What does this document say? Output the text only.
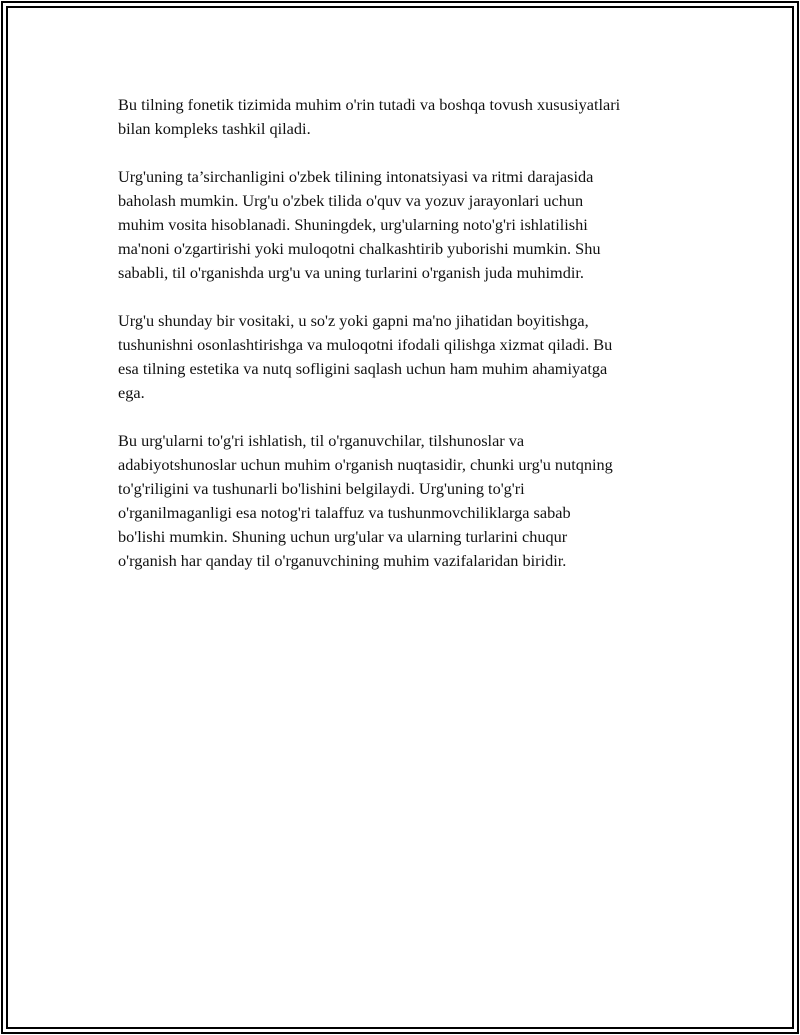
Bu tilning fonetik tizimida muhim o'rin tutadi va boshqa tovush xususiyatlari
bilan kompleks tashkil qiladi.

Urg'uning ta’sirchanligini o'zbek tilining intonatsiyasi va ritmi darajasida
baholash mumkin. Urg'u o'zbek tilida o'quv va yozuv jarayonlari uchun
muhim vosita hisoblanadi. Shuningdek, urg'ularning noto'g'ri ishlatilishi
ma'noni o'zgartirishi yoki muloqotni chalkashtirib yuborishi mumkin. Shu
sababli, til o'rganishda urg'u va uning turlarini o'rganish juda muhimdir.

Urg'u shunday bir vositaki, u so'z yoki gapni ma'no jihatidan boyitishga,
tushunishni osonlashtirishga va muloqotni ifodali qilishga xizmat qiladi. Bu
esa tilning estetika va nutq sofligini saqlash uchun ham muhim ahamiyatga
ega.

Bu urg'ularni to'g'ri ishlatish, til o'rganuvchilar, tilshunoslar va
adabiyotshunoslar uchun muhim o'rganish nuqtasidir, chunki urg'u nutqning
to'g'riligini va tushunarli bo'lishini belgilaydi. Urg'uning to'g'ri
o'rganilmaganligi esa notog'ri talaffuz va tushunmovchiliklarga sabab
bo'lishi mumkin. Shuning uchun urg'ular va ularning turlarini chuqur
o'rganish har qanday til o'rganuvchining muhim vazifalaridan biridir.
